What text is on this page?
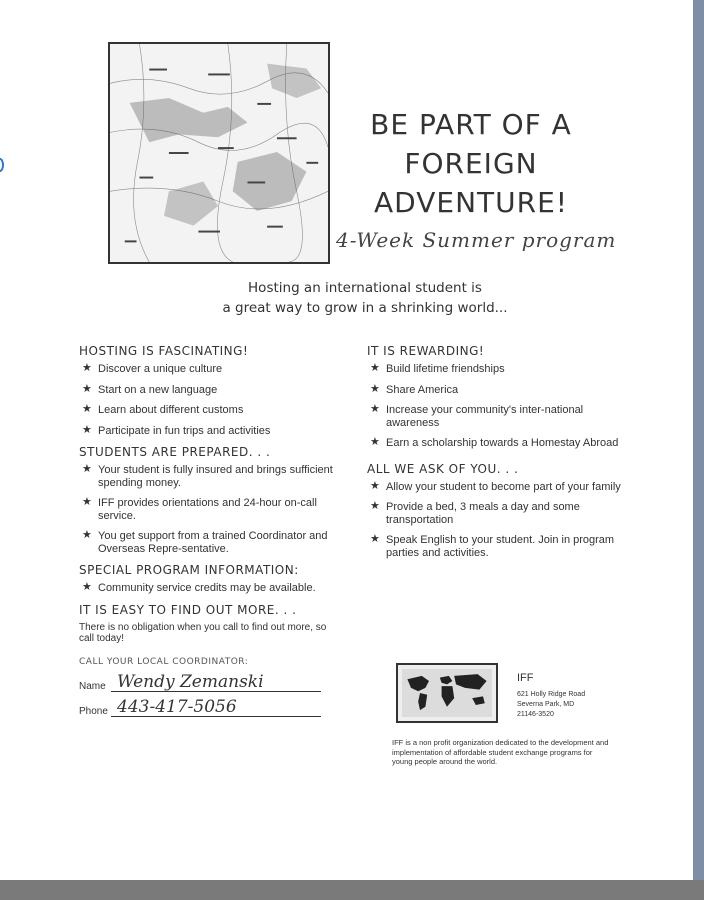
BE PART OF A
FOREIGN
ADVENTURE!
4-Week Summer program
Hosting an international student is
a great way to grow in a shrinking world...
HOSTING IS FASCINATING!
★ Discover a unique culture
★ Start on a new language
★ Learn about different customs
★ Participate in fun trips and activities
STUDENTS ARE PREPARED. . .
★ Your student is fully insured and brings sufficient spending money.
★ IFF provides orientations and 24-hour on-call service.
★ You get support from a trained Coordinator and Overseas Repre-sentative.
SPECIAL PROGRAM INFORMATION:
★ Community service credits may be available.
IT IS EASY TO FIND OUT MORE. . .
There is no obligation when you call to find out more, so call today!
CALL YOUR LOCAL COORDINATOR:
Name Wendy Zemanski
Phone 443-417-5056
IT IS REWARDING!
★ Build lifetime friendships
★ Share America
★ Increase your community's inter-national awareness
★ Earn a scholarship towards a Homestay Abroad
ALL WE ASK OF YOU. . .
★ Allow your student to become part of your family
★ Provide a bed, 3 meals a day and some transportation
★ Speak English to your student. Join in program parties and activities.
IFF
621 Holly Ridge Road
Severna Park, MD
21146-3520
IFF is a non profit organization dedicated to the development and implementation of affordable student exchange programs for young people around the world.
